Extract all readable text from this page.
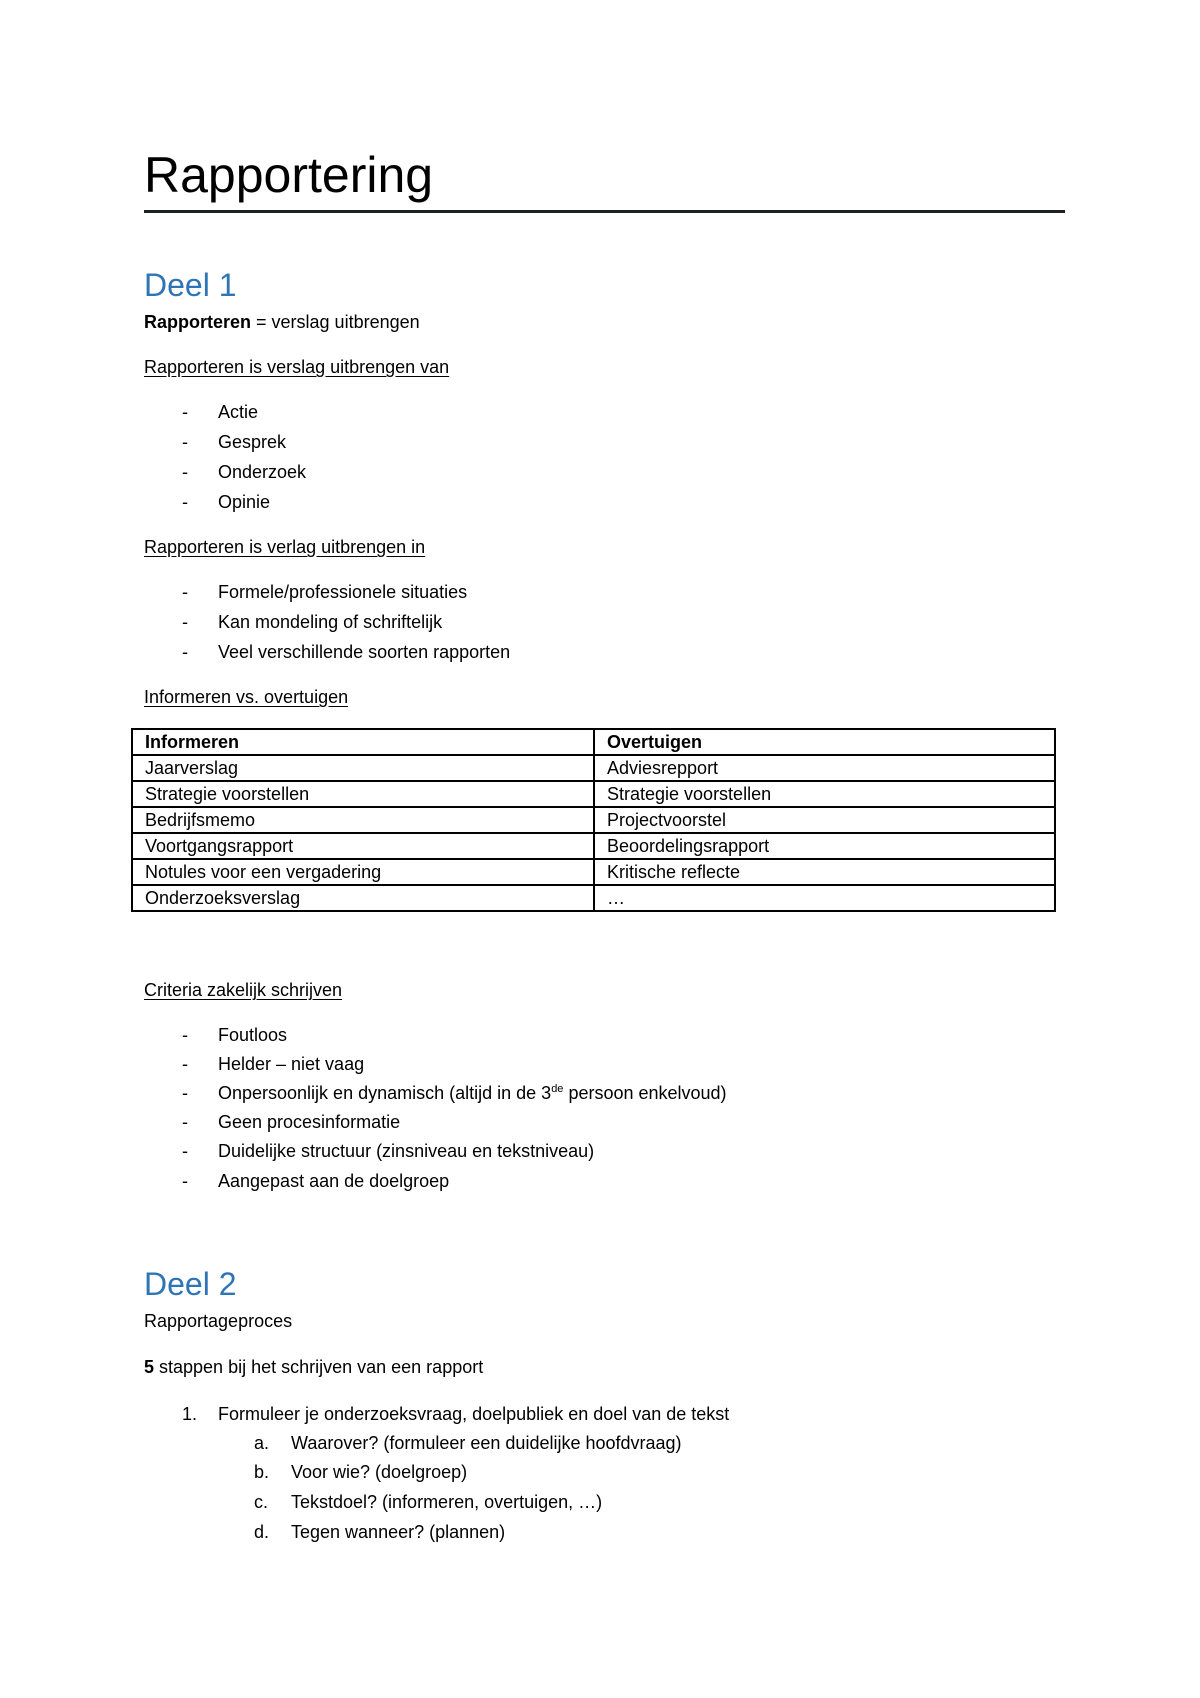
Rapportering
Deel 1
Rapporteren = verslag uitbrengen
Rapporteren is verslag uitbrengen van
- Actie
- Gesprek
- Onderzoek
- Opinie
Rapporteren is verlag uitbrengen in
- Formele/professionele situaties
- Kan mondeling of schriftelijk
- Veel verschillende soorten rapporten
Informeren vs. overtuigen
Informeren	Overtuigen
Jaarverslag	Adviesrepport
Strategie voorstellen	Strategie voorstellen
Bedrijfsmemo	Projectvoorstel
Voortgangsrapport	Beoordelingsrapport
Notules voor een vergadering	Kritische reflecte
Onderzoeksverslag	…
Criteria zakelijk schrijven
- Foutloos
- Helder – niet vaag
- Onpersoonlijk en dynamisch (altijd in de 3de persoon enkelvoud)
- Geen procesinformatie
- Duidelijke structuur (zinsniveau en tekstniveau)
- Aangepast aan de doelgroep
Deel 2
Rapportageproces
5 stappen bij het schrijven van een rapport
1. Formuleer je onderzoeksvraag, doelpubliek en doel van de tekst
a. Waarover? (formuleer een duidelijke hoofdvraag)
b. Voor wie? (doelgroep)
c. Tekstdoel? (informeren, overtuigen, …)
d. Tegen wanneer? (plannen)
